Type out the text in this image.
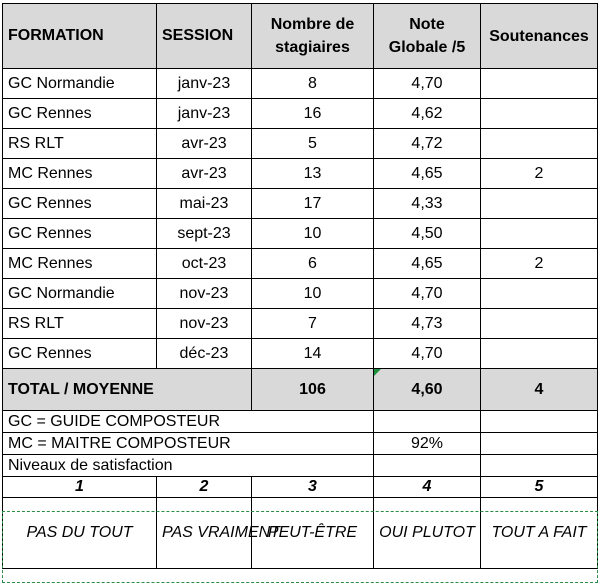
FORMATION	SESSION	Nombre de stagiaires	Note Globale /5	Soutenances
GC Normandie	janv-23	8	4,70	
GC Rennes	janv-23	16	4,62	
RS RLT	avr-23	5	4,72	
MC Rennes	avr-23	13	4,65	2
GC Rennes	mai-23	17	4,33	
GC Rennes	sept-23	10	4,50	
MC Rennes	oct-23	6	4,65	2
GC Normandie	nov-23	10	4,70	
RS RLT	nov-23	7	4,73	
GC Rennes	déc-23	14	4,70	
TOTAL / MOYENNE		106	4,60	4
GC = GUIDE COMPOSTEUR				
MC = MAITRE COMPOSTEUR			92%	
Niveaux de satisfaction				
1	2	3	4	5
PAS DU TOUT	PAS VRAIMENT	PEUT-ÊTRE	OUI PLUTOT	TOUT A FAIT
